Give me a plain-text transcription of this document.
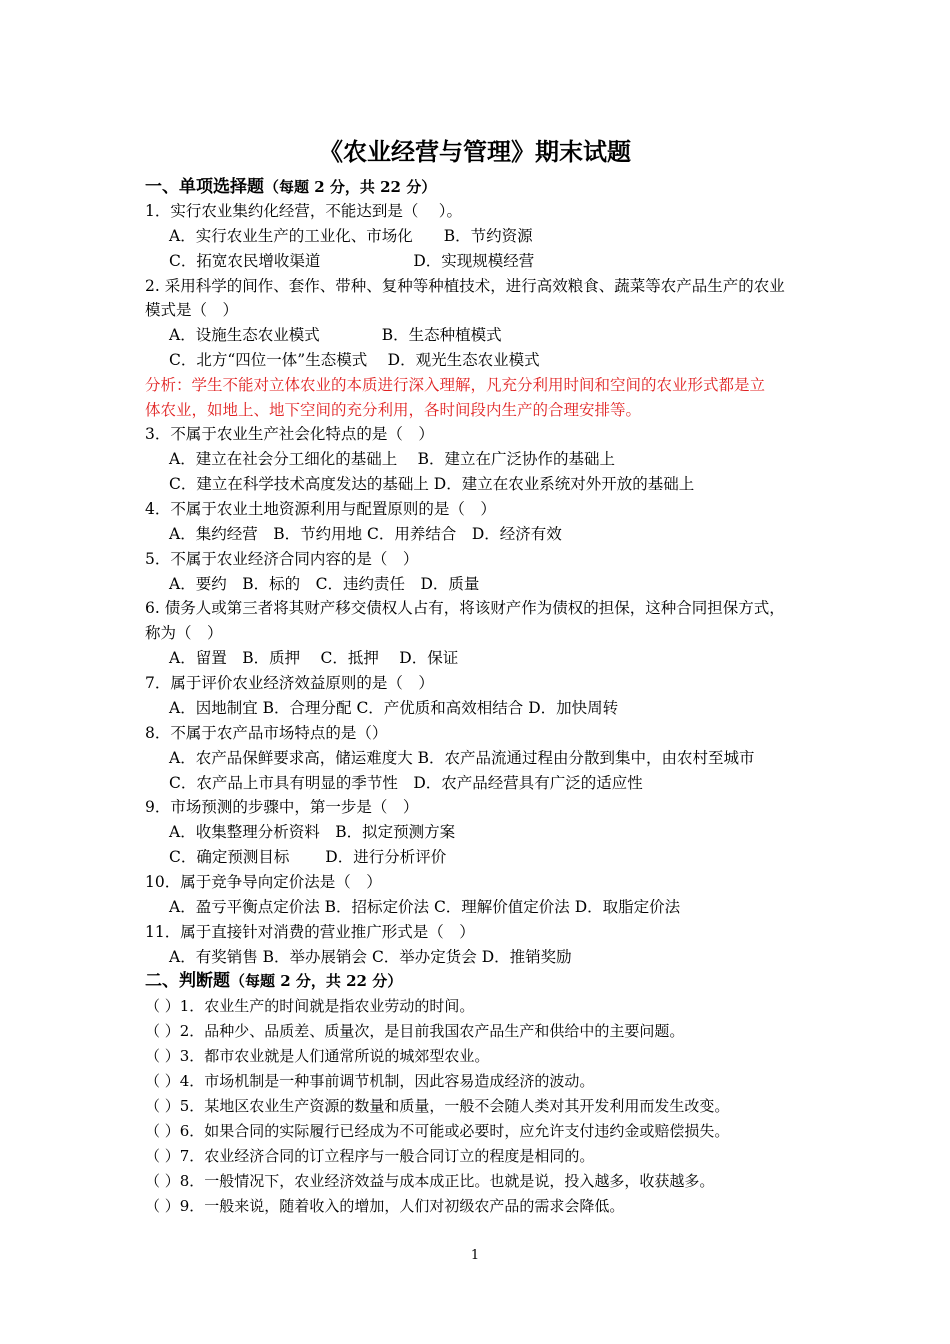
《农业经营与管理》期末试题
一、单项选择题（每题 2 分，共 22 分）
1．实行农业集约化经营，不能达到是（　 ）。
A．实行农业生产的工业化、市场化　　B．节约资源
C．拓宽农民增收渠道　　　　　　D．实现规模经营
2. 采用科学的间作、套作、带种、复种等种植技术，进行高效粮食、蔬菜等农产品生产的农业
模式是（　）
A．设施生态农业模式　　　　B．生态种植模式
C．北方“四位一体”生态模式　 D．观光生态农业模式
分析：学生不能对立体农业的本质进行深入理解，凡充分利用时间和空间的农业形式都是立
体农业，如地上、地下空间的充分利用，各时间段内生产的合理安排等。
3．不属于农业生产社会化特点的是（　）
A．建立在社会分工细化的基础上　 B．建立在广泛协作的基础上
C．建立在科学技术高度发达的基础上 D．建立在农业系统对外开放的基础上
4．不属于农业土地资源利用与配置原则的是（　）
A．集约经营　B．节约用地 C．用养结合　D．经济有效
5．不属于农业经济合同内容的是（　）
A．要约　B．标的　C．违约责任　D．质量
6. 债务人或第三者将其财产移交债权人占有，将该财产作为债权的担保，这种合同担保方式，
称为（　）
A．留置　B．质押　 C．抵押　 D．保证
7．属于评价农业经济效益原则的是（　）
A．因地制宜 B．合理分配 C．产优质和高效相结合 D．加快周转
8．不属于农产品市场特点的是（）
A．农产品保鲜要求高，储运难度大 B．农产品流通过程由分散到集中，由农村至城市
C．农产品上市具有明显的季节性　D．农产品经营具有广泛的适应性
9．市场预测的步骤中，第一步是（　）
A．收集整理分析资料　B．拟定预测方案
C．确定预测目标　　 D．进行分析评价
10．属于竞争导向定价法是（　）
A．盈亏平衡点定价法 B．招标定价法 C．理解价值定价法 D．取脂定价法
11．属于直接针对消费的营业推广形式是（　）
A．有奖销售 B．举办展销会 C．举办定货会 D．推销奖励
二、判断题（每题 2 分，共 22 分）
（ ）1．农业生产的时间就是指农业劳动的时间。
（ ）2．品种少、品质差、质量次，是目前我国农产品生产和供给中的主要问题。
（ ）3．都市农业就是人们通常所说的城郊型农业。
（ ）4．市场机制是一种事前调节机制，因此容易造成经济的波动。
（ ）5．某地区农业生产资源的数量和质量，一般不会随人类对其开发利用而发生改变。
（ ）6．如果合同的实际履行已经成为不可能或必要时，应允许支付违约金或赔偿损失。
（ ）7．农业经济合同的订立程序与一般合同订立的程度是相同的。
（ ）8．一般情况下，农业经济效益与成本成正比。也就是说，投入越多，收获越多。
（ ）9．一般来说，随着收入的增加，人们对初级农产品的需求会降低。
1
